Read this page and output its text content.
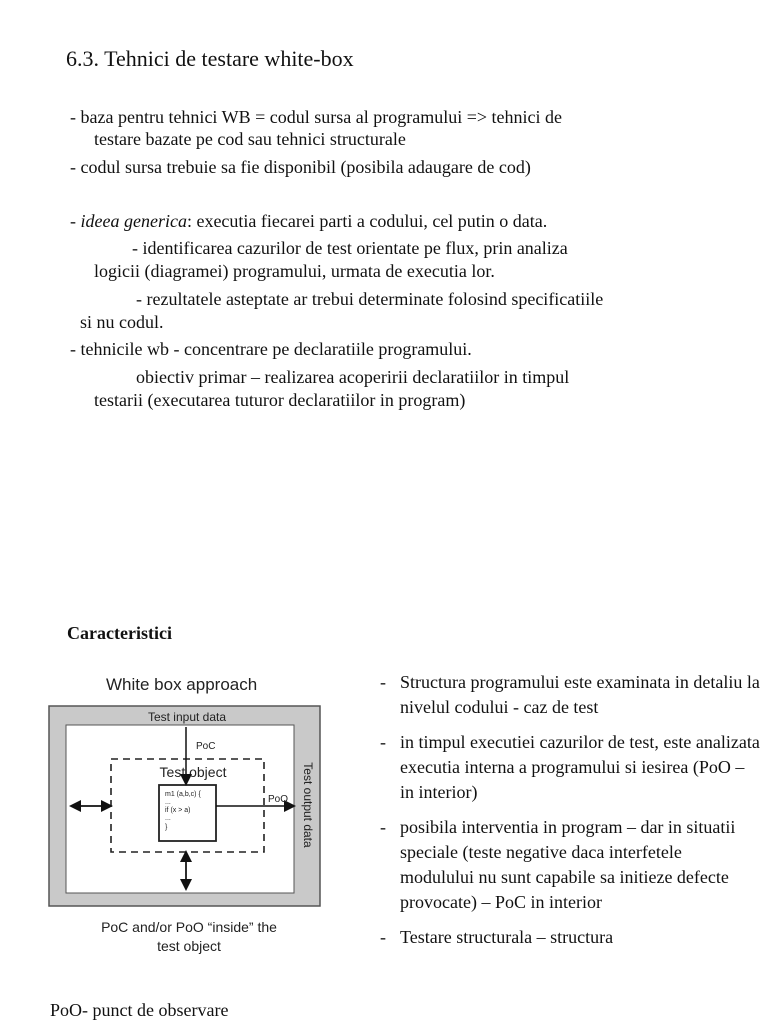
6.3. Tehnici de testare white-box
- baza pentru tehnici WB = codul sursa al programului => tehnici de
testare bazate pe cod sau tehnici structurale
- codul sursa trebuie sa fie disponibil (posibila adaugare de cod)
- ideea generica: executia fiecarei parti a codului, cel putin o data.
- identificarea cazurilor de test orientate pe flux, prin analiza
logicii (diagramei) programului, urmata de executia lor.
- rezultatele asteptate ar trebui determinate folosind specificatiile
si nu codul.
- tehnicile wb - concentrare pe declaratiile programului.
obiectiv primar – realizarea acoperirii declaratiilor in timpul
testarii (executarea tuturor declaratiilor in program)
Caracteristici
White box approach
Test input data
Test output data
Test object
PoC
m1 (a,b,c) {
...
if (x > a)
...
}
PoO
PoC and/or PoO “inside” the test object
- Structura programului este examinata in detaliu la nivelul codului - caz de test
- in timpul executiei cazurilor de test, este analizata executia interna a programului si iesirea (PoO – in interior)
- posibila interventia in program – dar in situatii speciale (teste negative daca interfetele modulului nu sunt capabile sa initieze defecte provocate) – PoC in interior
- Testare structurala – structura
PoO- punct de observare
